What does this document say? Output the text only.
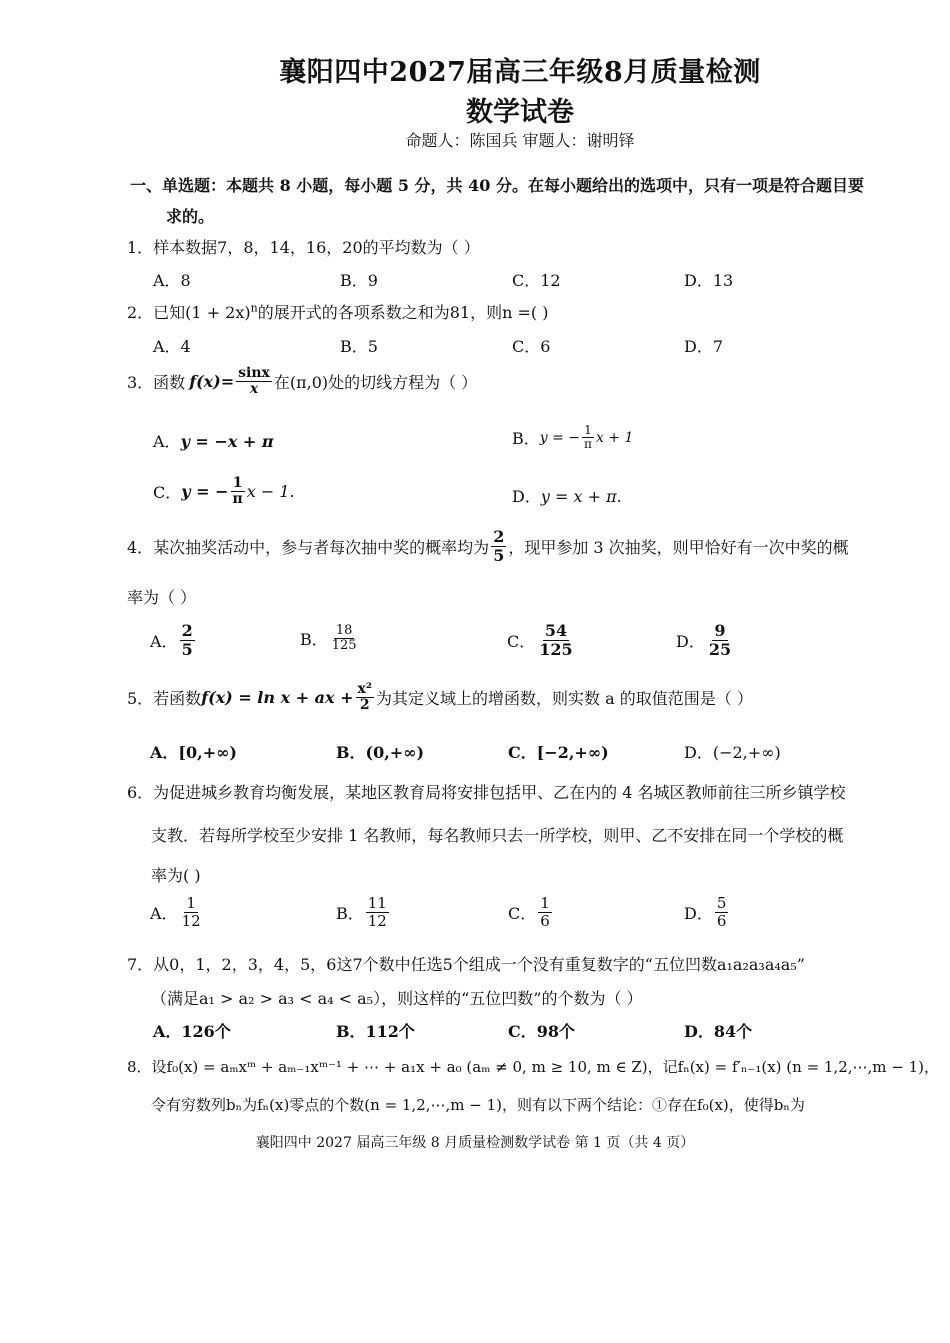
襄阳四中2027届高三年级8月质量检测
数学试卷
命题人：陈国兵 审题人：谢明铎
一、单选题：本题共 8 小题，每小题 5 分，共 40 分。在每小题给出的选项中，只有一项是符合题目要
求的。
1．样本数据7，8，14，16，20的平均数为（ ）
A．8	B．9	C．12	D．13
2．已知$(1 + 2x)^n$的展开式的各项系数之和为81，则n =( )
A．4	B．5	C．6	D．7
3．函数 $f(x)= \frac{\sin x}{x}$ 在(π,0)处的切线方程为（ ）
A．y = −x + π	B． y = − $\frac{1}{\pi}$ x + 1
C． y = − $\frac{1}{\pi}$ x − 1.	D．y = x + π.
4．某次抽奖活动中，参与者每次抽中奖的概率均为 $\frac{2}{5}$ ，现甲参加 3 次抽奖，则甲恰好有一次中奖的概
率为（ ）
A． $\frac{2}{5}$	B． $\frac{18}{125}$	C． $\frac{54}{125}$	D． $\frac{9}{25}$
5．若函数 f(x) = ln x + ax + $\frac{\text{x²}}{2}$ 为其定义域上的增函数，则实数 a 的取值范围是（ ）
A．[0,+∞)	B．(0,+∞)	C．[−2,+∞)	D．(−2,+∞)
6．为促进城乡教育均衡发展，某地区教育局将安排包括甲、乙在内的 4 名城区教师前往三所乡镇学校
支教．若每所学校至少安排 1 名教师，每名教师只去一所学校，则甲、乙不安排在同一个学校的概
率为( )
A． $\frac{1}{12}$	B． $\frac{11}{12}$	C． $\frac{1}{6}$	D． $\frac{5}{6}$
7．从0，1，2，3，4，5，6这7个数中任选5个组成一个没有重复数字的“五位凹数a₁a₂a₃a₄a₅”
（满足a₁ > a₂ > a₃ < a₄ < a₅），则这样的“五位凹数”的个数为（ ）
A．126个	B．112个	C．98个	D．84个
8．设f₀(x) = aₘxᵐ + aₘ₋₁xᵐ⁻¹ + ⋯ + a₁x + a₀ (aₘ ≠ 0, m ≥ 10, m ∈ Z)，记fₙ(x) = f′ₙ₋₁(x) (n = 1,2,⋯,m − 1)，
令有穷数列bₙ为fₙ(x)零点的个数(n = 1,2,⋯,m − 1)，则有以下两个结论：①存在f₀(x)，使得bₙ为
襄阳四中 2027 届高三年级 8 月质量检测数学试卷 第 1 页（共 4 页）
